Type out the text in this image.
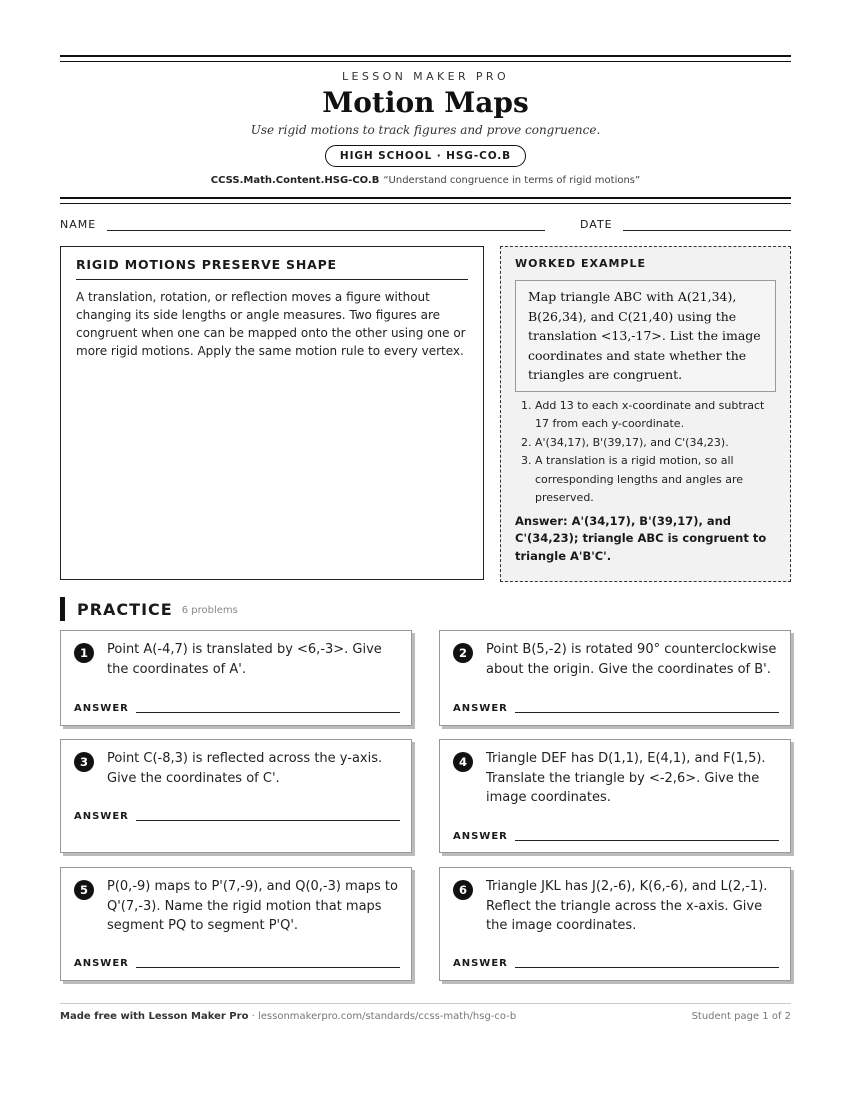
LESSON MAKER PRO
Motion Maps
Use rigid motions to track figures and prove congruence.
HIGH SCHOOL · HSG-CO.B
CCSS.Math.Content.HSG-CO.B “Understand congruence in terms of rigid motions”
NAME	DATE
RIGID MOTIONS PRESERVE SHAPE
A translation, rotation, or reflection moves a figure without changing its side lengths or angle measures. Two figures are congruent when one can be mapped onto the other using one or more rigid motions. Apply the same motion rule to every vertex.
WORKED EXAMPLE
Map triangle ABC with A(21,34), B(26,34), and C(21,40) using the translation <13,-17>. List the image coordinates and state whether the triangles are congruent.
1. Add 13 to each x-coordinate and subtract 17 from each y-coordinate.
2. A'(34,17), B'(39,17), and C'(34,23).
3. A translation is a rigid motion, so all corresponding lengths and angles are preserved.
Answer: A'(34,17), B'(39,17), and C'(34,23); triangle ABC is congruent to triangle A'B'C'.
PRACTICE 6 problems
1	Point A(-4,7) is translated by <6,-3>. Give the coordinates of A'.
ANSWER
2	Point B(5,-2) is rotated 90° counterclockwise about the origin. Give the coordinates of B'.
ANSWER
3	Point C(-8,3) is reflected across the y-axis. Give the coordinates of C'.
ANSWER
4	Triangle DEF has D(1,1), E(4,1), and F(1,5). Translate the triangle by <-2,6>. Give the image coordinates.
ANSWER
5	P(0,-9) maps to P'(7,-9), and Q(0,-3) maps to Q'(7,-3). Name the rigid motion that maps segment PQ to segment P'Q'.
ANSWER
6	Triangle JKL has J(2,-6), K(6,-6), and L(2,-1). Reflect the triangle across the x-axis. Give the image coordinates.
ANSWER
Made free with Lesson Maker Pro · lessonmakerpro.com/standards/ccss-math/hsg-co-b	Student page 1 of 2
